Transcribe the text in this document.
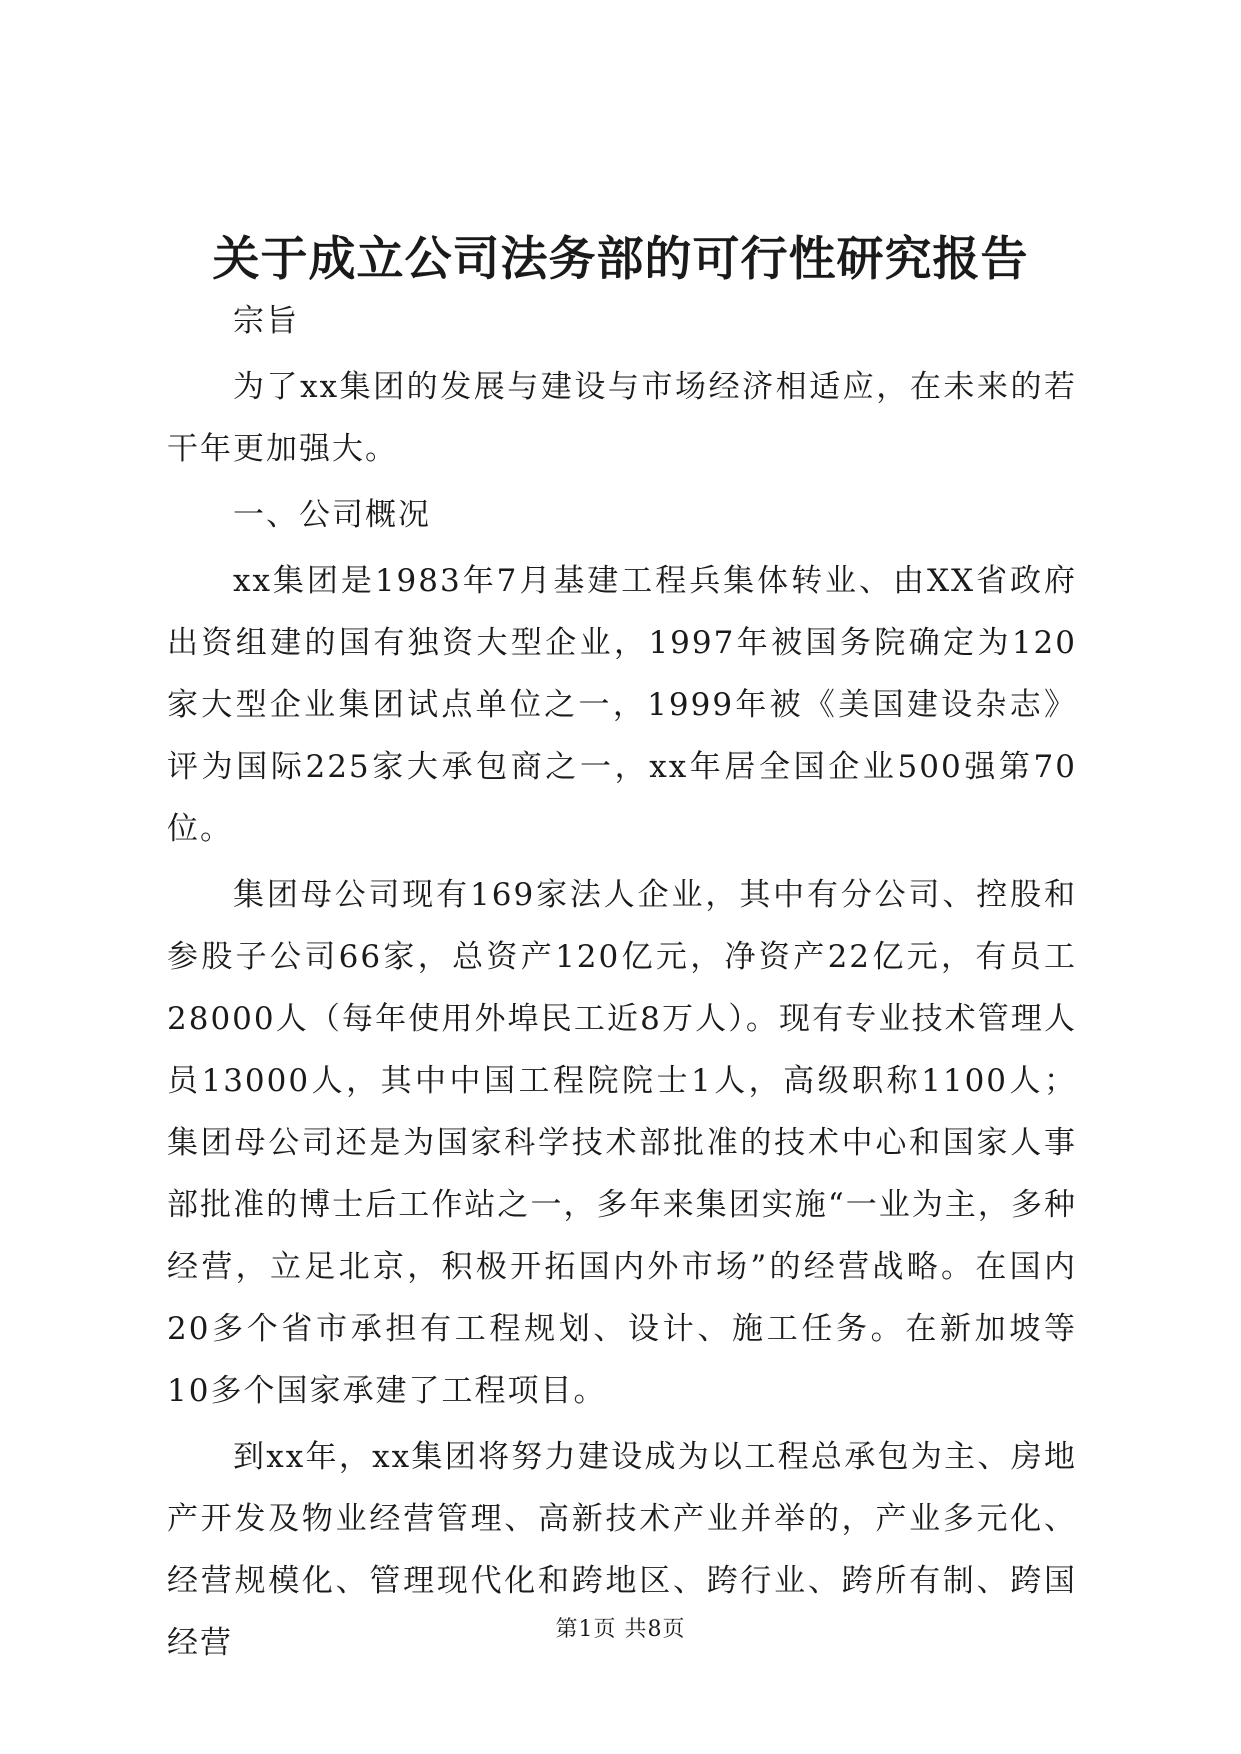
关于成立公司法务部的可行性研究报告

宗旨

为了xx集团的发展与建设与市场经济相适应，在未来的若干年更加强大。

一、公司概况

xx集团是1983年7月基建工程兵集体转业、由XX省政府出资组建的国有独资大型企业，1997年被国务院确定为120家大型企业集团试点单位之一，1999年被《美国建设杂志》评为国际225家大承包商之一，xx年居全国企业500强第70位。

集团母公司现有169家法人企业，其中有分公司、控股和参股子公司66家，总资产120亿元，净资产22亿元，有员工28000人（每年使用外埠民工近8万人）。现有专业技术管理人员13000人，其中中国工程院院士1人，高级职称1100人；集团母公司还是为国家科学技术部批准的技术中心和国家人事部批准的博士后工作站之一，多年来集团实施“一业为主，多种经营，立足北京，积极开拓国内外市场”的经营战略。在国内20多个省市承担有工程规划、设计、施工任务。在新加坡等10多个国家承建了工程项目。

到xx年，xx集团将努力建设成为以工程总承包为主、房地产开发及物业经营管理、高新技术产业并举的，产业多元化、经营规模化、管理现代化和跨地区、跨行业、跨所有制、跨国经营	第1页 共8页
